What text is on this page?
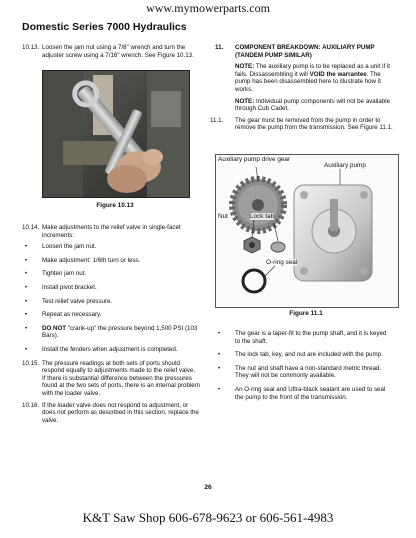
www.mymowerparts.com
Domestic Series 7000 Hydraulics
10.13. Loosen the jam nut using a 7/8" wrench and turn the adjuster screw using a 7/16" wrench. See Figure 10.13.
Figure 10.13
10.14. Make adjustments to the relief valve in single-facet increments:
• Loosen the jam nut.
• Make adjustment: 1/6th turn or less.
• Tighten jam nut.
• Install pivot bracket.
• Test relief valve pressure.
• Repeat as necessary.
• DO NOT "crank-up" the pressure beyond 1,500 PSI (103 Bars).
• Install the fenders when adjustment is completed.
10.15. The pressure readings at both sets of ports should respond equally to adjustments made to the relief valve. If there is substantial difference between the pressures found at the two sets of ports, there is an internal problem with the loader valve.
10.16. If the loader valve does not respond to adjustment, or does not perform as described in this section, replace the valve.
11. COMPONENT BREAKDOWN: AUXILIARY PUMP (TANDEM PUMP SIMILAR)
NOTE: The auxiliary pump is to be replaced as a unit if it fails. Dissassembling it will VOID the warrantee. The pump has been disassembled here to illustrate how it works.
NOTE: Individual pump components will not be available through Cub Cadet.
11.1. The gear must be removed from the pump in order to remove the pump from the transmission. See Figure 11.1.
Auxiliary pump drive gear
Auxiliary pump
Nut	Lock tab
O-ring seal
Figure 11.1
• The gear is a taper-fit to the pump shaft, and it is keyed to the shaft.
• The lock tab, key, and nut are included with the pump.
• The nut and shaft have a non-standard metric thread. They will not be commonly available.
• An O-ring seal and Ultra-black sealant are used to seal the pump to the front of the transmission.
26
K&T Saw Shop 606-678-9623 or 606-561-4983
